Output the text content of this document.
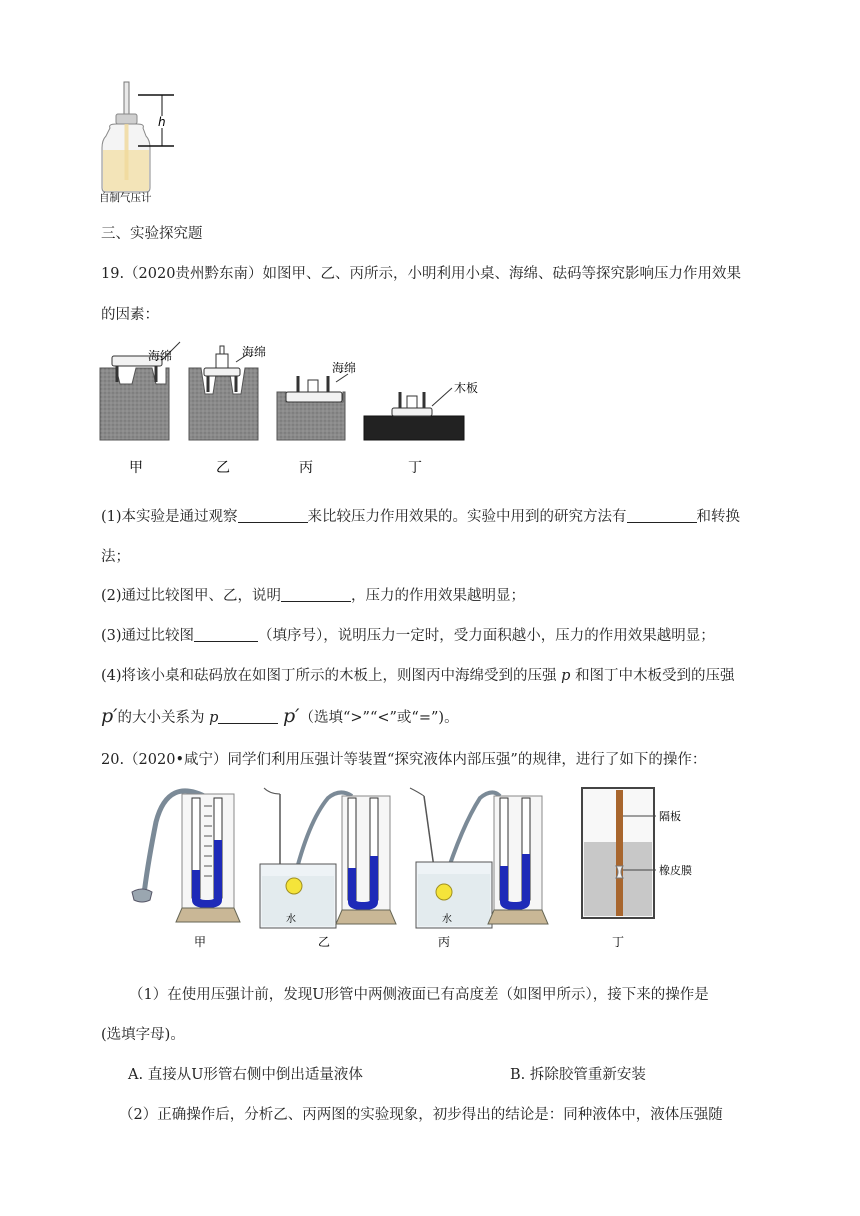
h
自制气压计
三、实验探究题
19.（2020贵州黔东南）如图甲、乙、丙所示，小明利用小桌、海绵、砝码等探究影响压力作用效果
的因素：
海绵
甲
海绵
乙
海绵
丙
木板
丁
(1)本实验是通过观察	来比较压力作用效果的。实验中用到的研究方法有	和转换
法；
(2)通过比较图甲、乙，说明	，压力的作用效果越明显；
(3)通过比较图	（填序号），说明压力一定时，受力面积越小，压力的作用效果越明显；
(4)将该小桌和砝码放在如图丁所示的木板上，则图丙中海绵受到的压强 p 和图丁中木板受到的压强
p′的大小关系为 p	p′（选填“>”“<”或“=”)。
20.（2020•咸宁）同学们利用压强计等装置“探究液体内部压强”的规律，进行了如下的操作：
甲
水
乙
水
丙
隔板
橡皮膜
丁
（1）在使用压强计前，发现U形管中两侧液面已有高度差（如图甲所示），接下来的操作是
(选填字母)。
A. 直接从U形管右侧中倒出适量液体	B. 拆除胶管重新安装
（2）正确操作后，分析乙、丙两图的实验现象，初步得出的结论是：同种液体中，液体压强随
